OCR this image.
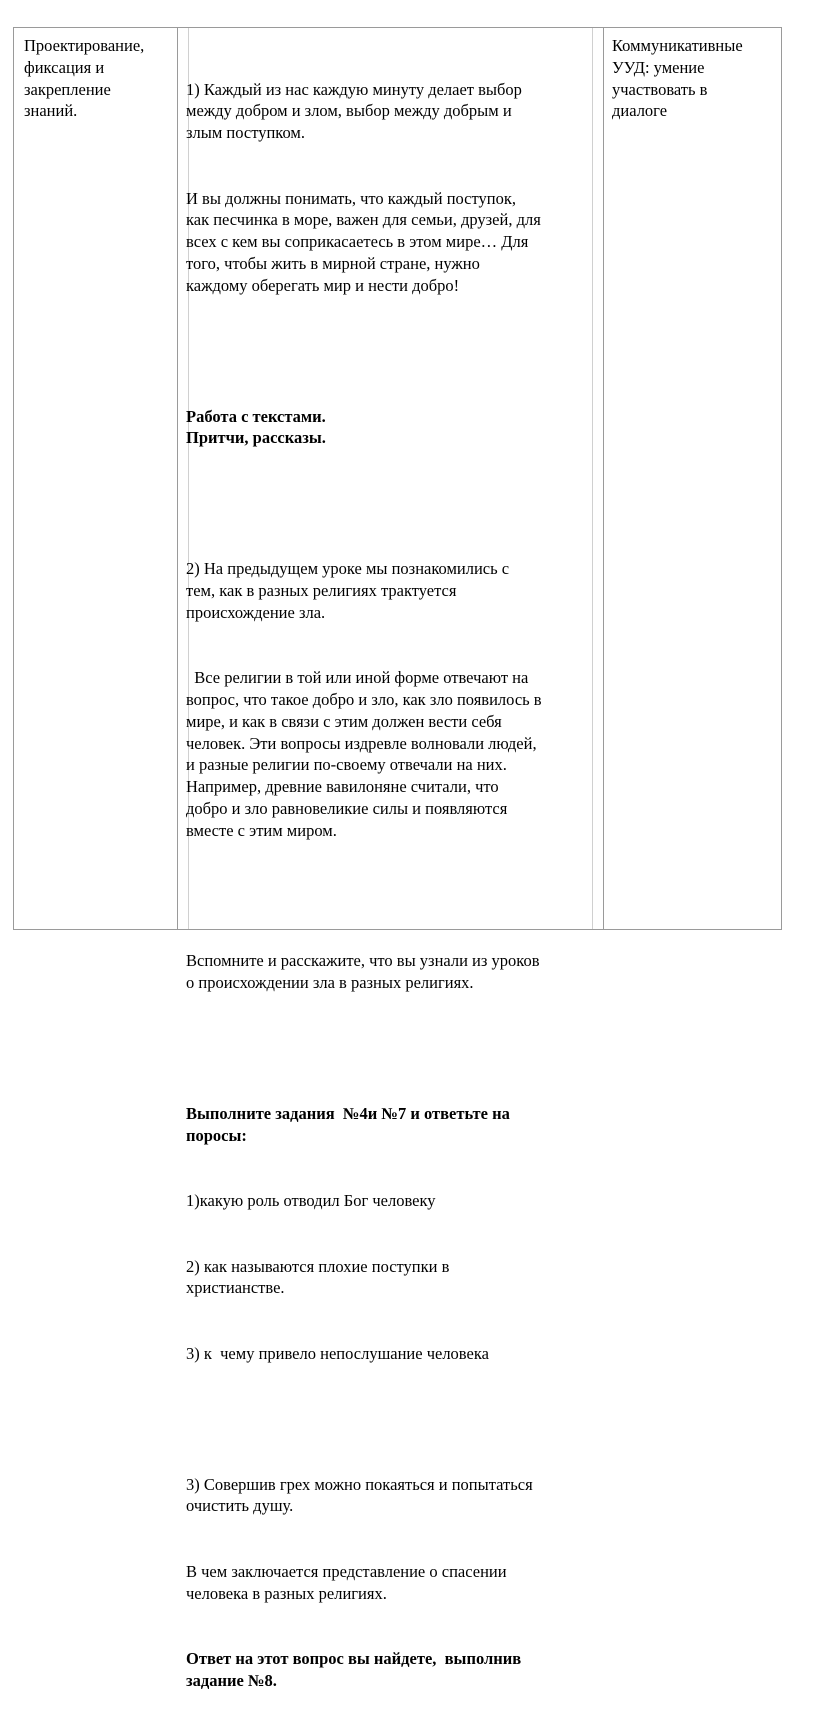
Проектирование,
фиксация и
закрепление
знаний.

1) Каждый из нас каждую минуту делает выбор
между добром и злом, выбор между добрым и
злым поступком.

И вы должны понимать, что каждый поступок,
как песчинка в море, важен для семьи, друзей, для
всех с кем вы соприкасаетесь в этом мире… Для
того, чтобы жить в мирной стране, нужно
каждому оберегать мир и нести добро!

Работа с текстами.
Притчи, рассказы.

2) На предыдущем уроке мы познакомились с
тем, как в разных религиях трактуется
происхождение зла.

Все религии в той или иной форме отвечают на
вопрос, что такое добро и зло, как зло появилось в
мире, и как в связи с этим должен вести себя
человек. Эти вопросы издревле волновали людей,
и разные религии по-своему отвечали на них.
Например, древние вавилоняне считали, что
добро и зло равновеликие силы и появляются
вместе с этим миром.

Вспомните и расскажите, что вы узнали из уроков
о происхождении зла в разных религиях.

Выполните задания  №4и №7 и ответьте на
поросы:

1)какую роль отводил Бог человеку

2) как называются плохие поступки в
христианстве.

3) к  чему привело непослушание человека

3) Совершив грех можно покаяться и попытаться
очистить душу.

В чем заключается представление о спасении
человека в разных религиях.

Ответ на этот вопрос вы найдете,  выполнив
задание №8.

Коммуникативные
УУД: умение
участвовать в
диалоге
